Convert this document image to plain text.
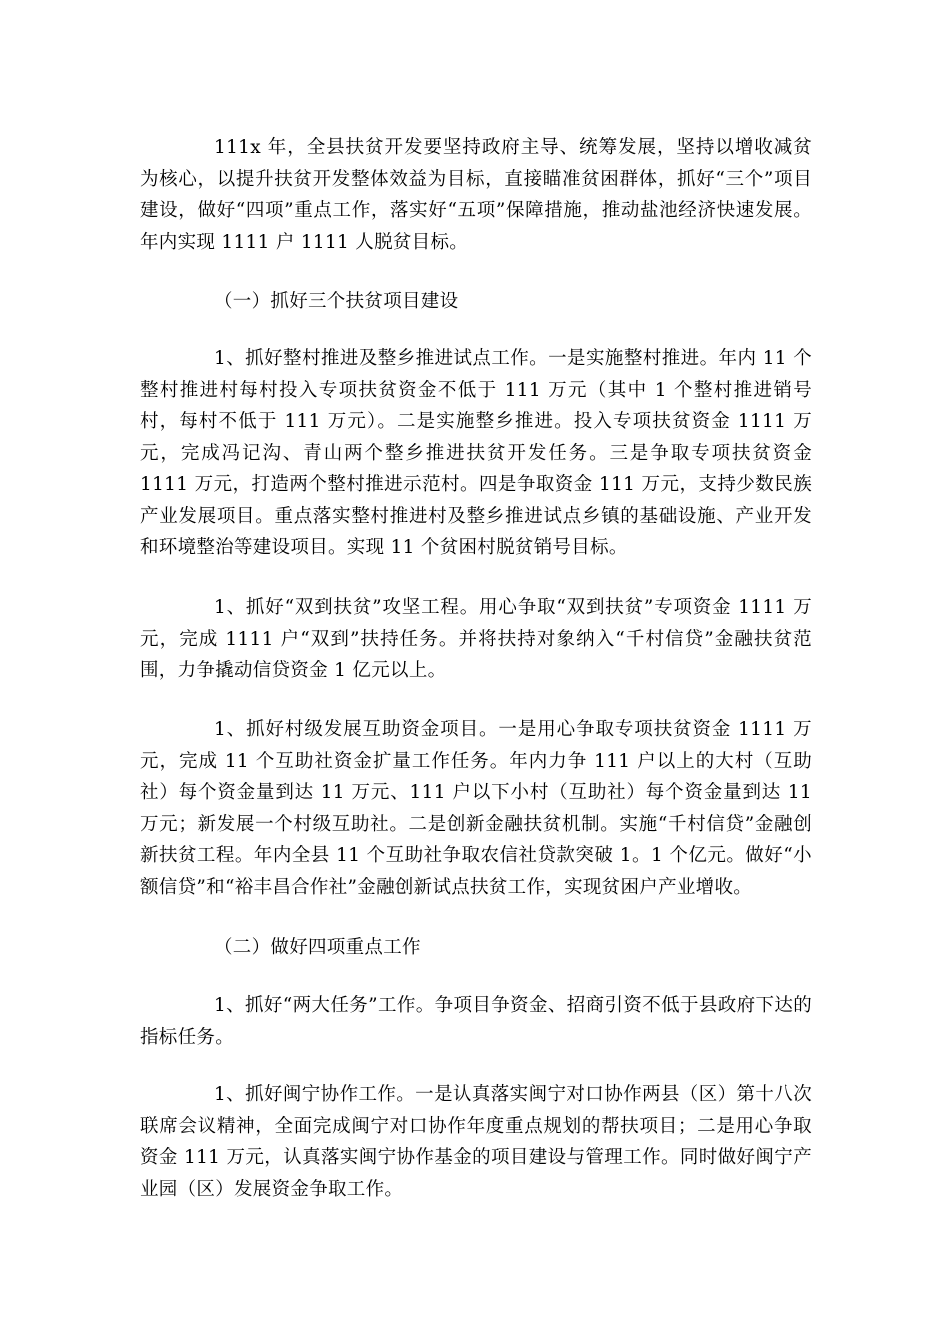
111x 年，全县扶贫开发要坚持政府主导、统筹发展，坚持以增收减贫为核心，以提升扶贫开发整体效益为目标，直接瞄准贫困群体，抓好“三个”项目建设，做好“四项”重点工作，落实好“五项”保障措施，推动盐池经济快速发展。年内实现 1111 户 1111 人脱贫目标。

（一）抓好三个扶贫项目建设

1、抓好整村推进及整乡推进试点工作。一是实施整村推进。年内 11 个整村推进村每村投入专项扶贫资金不低于 111 万元（其中 1 个整村推进销号村，每村不低于 111 万元）。二是实施整乡推进。投入专项扶贫资金 1111 万元，完成冯记沟、青山两个整乡推进扶贫开发任务。三是争取专项扶贫资金 1111 万元，打造两个整村推进示范村。四是争取资金 111 万元，支持少数民族产业发展项目。重点落实整村推进村及整乡推进试点乡镇的基础设施、产业开发和环境整治等建设项目。实现 11 个贫困村脱贫销号目标。

1、抓好“双到扶贫”攻坚工程。用心争取“双到扶贫”专项资金 1111 万元，完成 1111 户“双到”扶持任务。并将扶持对象纳入“千村信贷”金融扶贫范围，力争撬动信贷资金 1 亿元以上。

1、抓好村级发展互助资金项目。一是用心争取专项扶贫资金 1111 万元，完成 11 个互助社资金扩量工作任务。年内力争 111 户以上的大村（互助社）每个资金量到达 11 万元、111 户以下小村（互助社）每个资金量到达 11 万元；新发展一个村级互助社。二是创新金融扶贫机制。实施“千村信贷”金融创新扶贫工程。年内全县 11 个互助社争取农信社贷款突破 1。1 个亿元。做好“小额信贷”和“裕丰昌合作社”金融创新试点扶贫工作，实现贫困户产业增收。

（二）做好四项重点工作

1、抓好“两大任务”工作。争项目争资金、招商引资不低于县政府下达的指标任务。

1、抓好闽宁协作工作。一是认真落实闽宁对口协作两县（区）第十八次联席会议精神，全面完成闽宁对口协作年度重点规划的帮扶项目；二是用心争取资金 111 万元，认真落实闽宁协作基金的项目建设与管理工作。同时做好闽宁产业园（区）发展资金争取工作。
